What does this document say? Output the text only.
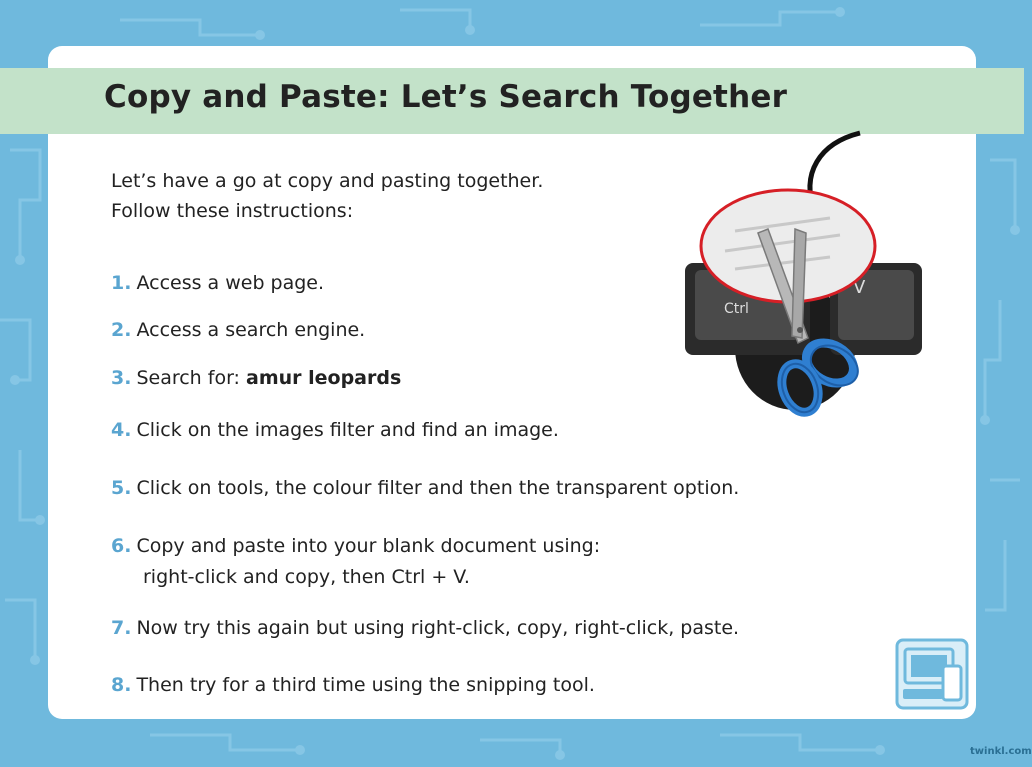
Copy and Paste: Let’s Search Together
Let’s have a go at copy and pasting together.
Follow these instructions:
1. Access a web page.
2. Access a search engine.
3. Search for: amur leopards
4. Click on the images filter and find an image.
5. Click on tools, the colour filter and then the transparent option.
6. Copy and paste into your blank document using:
right-click and copy, then Ctrl + V.
7. Now try this again but using right-click, copy, right-click, paste.
8. Then try for a third time using the snipping tool.
Ctrl
V
twinkl.com
